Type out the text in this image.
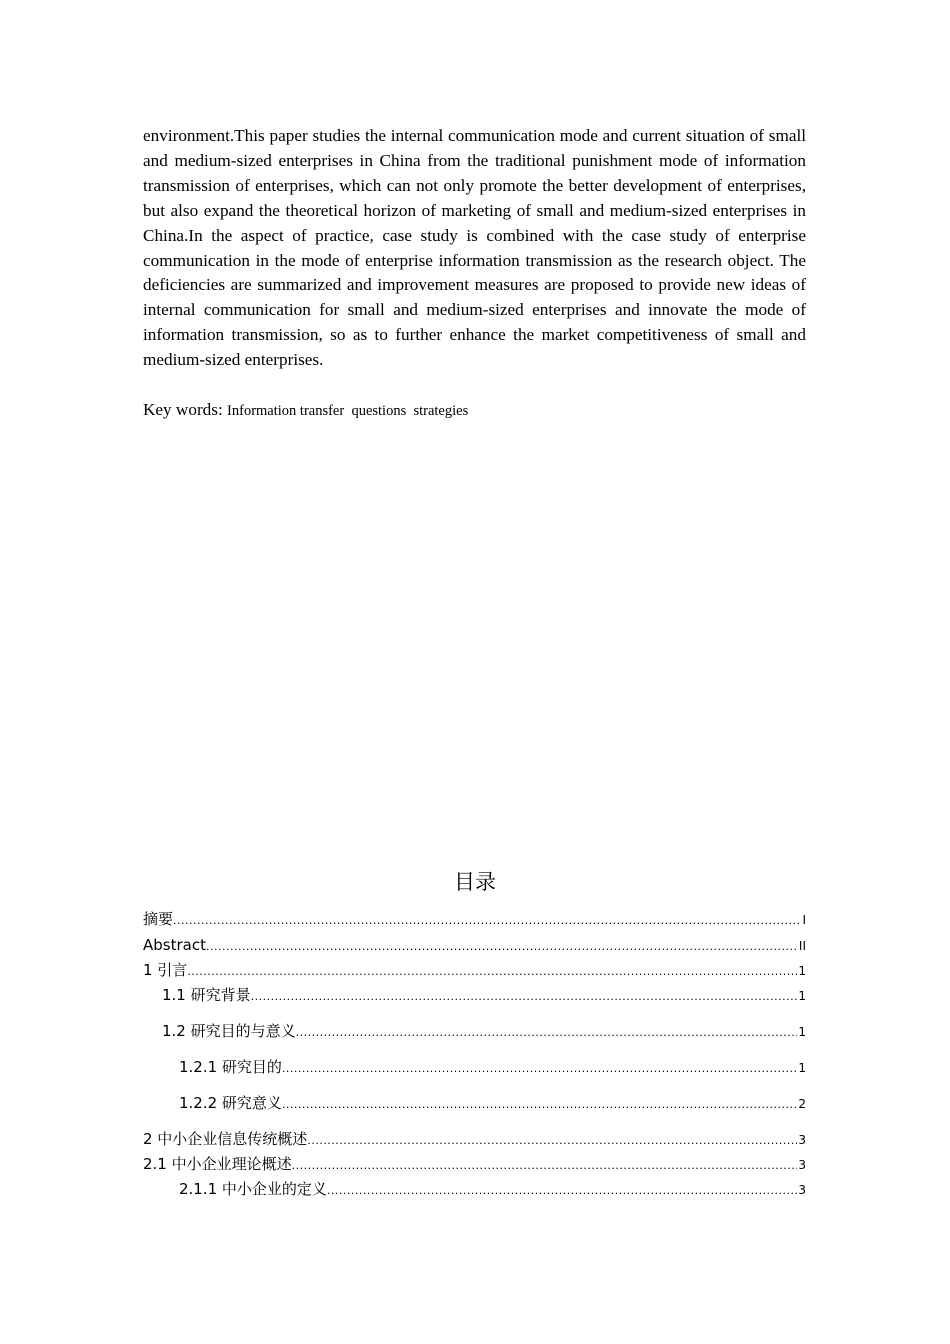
environment.This paper studies the internal communication mode and current situation of small and medium-sized enterprises in China from the traditional punishment mode of information transmission of enterprises, which can not only promote the better development of enterprises, but also expand the theoretical horizon of marketing of small and medium-sized enterprises in China.In the aspect of practice, case study is combined with the case study of enterprise communication in the mode of enterprise information transmission as the research object. The deficiencies are summarized and improvement measures are proposed to provide new ideas of internal communication for small and medium-sized enterprises and innovate the mode of information transmission, so as to further enhance the market competitiveness of small and medium-sized enterprises.

Key words: Information transfer  questions  strategies
目录
摘要 .....	I
Abstract .....	II
1 引言 .....	1
1.1 研究背景 .....	1
1.2 研究目的与意义 .....	1
1.2.1 研究目的 .....	1
1.2.2 研究意义 .....	2
2 中小企业信息传统概述 .....	3
2.1 中小企业理论概述 .....	3
2.1.1 中小企业的定义 .....	3
